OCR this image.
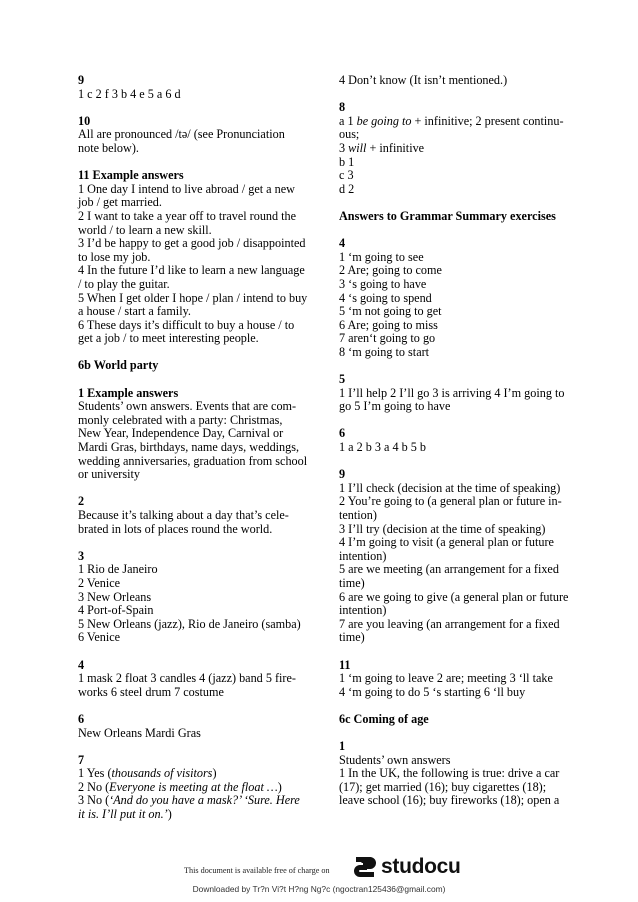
9
1 c 2 f 3 b 4 e 5 a 6 d
10
All are pronounced /tə/ (see Pronunciation
note below).
11 Example answers
1 One day I intend to live abroad / get a new
job / get married.
2 I want to take a year off to travel round the
world / to learn a new skill.
3 I’d be happy to get a good job / disappointed
to lose my job.
4 In the future I’d like to learn a new language
/ to play the guitar.
5 When I get older I hope / plan / intend to buy
a house / start a family.
6 These days it’s difficult to buy a house / to
get a job / to meet interesting people.
6b World party
1 Example answers
Students’ own answers. Events that are com-
monly celebrated with a party: Christmas,
New Year, Independence Day, Carnival or
Mardi Gras, birthdays, name days, weddings,
wedding anniversaries, graduation from school
or university
2
Because it’s talking about a day that’s cele-
brated in lots of places round the world.
3
1 Rio de Janeiro
2 Venice
3 New Orleans
4 Port-of-Spain
5 New Orleans (jazz), Rio de Janeiro (samba)
6 Venice
4
1 mask 2 float 3 candles 4 (jazz) band 5 fire-
works 6 steel drum 7 costume
6
New Orleans Mardi Gras
7
1 Yes (thousands of visitors)
2 No (Everyone is meeting at the float …)
3 No (‘And do you have a mask?’ ‘Sure. Here
it is. I’ll put it on.’)
4 Don’t know (It isn’t mentioned.)
8
a 1 be going to + infinitive; 2 present continu-
ous;
3 will + infinitive
b 1
c 3
d 2
Answers to Grammar Summary exercises
4
1 ‘m going to see
2 Are; going to come
3 ‘s going to have
4 ‘s going to spend
5 ‘m not going to get
6 Are; going to miss
7 aren‘t going to go
8 ‘m going to start
5
1 I’ll help 2 I’ll go 3 is arriving 4 I’m going to
go 5 I’m going to have
6
1 a 2 b 3 a 4 b 5 b
9
1 I’ll check (decision at the time of speaking)
2 You’re going to (a general plan or future in-
tention)
3 I’ll try (decision at the time of speaking)
4 I’m going to visit (a general plan or future
intention)
5 are we meeting (an arrangement for a fixed
time)
6 are we going to give (a general plan or future
intention)
7 are you leaving (an arrangement for a fixed
time)
11
1 ‘m going to leave 2 are; meeting 3 ‘ll take
4 ‘m going to do 5 ‘s starting 6 ‘ll buy
6c Coming of age
1
Students’ own answers
1 In the UK, the following is true: drive a car
(17); get married (16); buy cigarettes (18);
leave school (16); buy fireworks (18); open a
This document is available free of charge on studocu
Downloaded by Tr?n Vi?t H?ng Ng?c (ngoctran125436@gmail.com)
